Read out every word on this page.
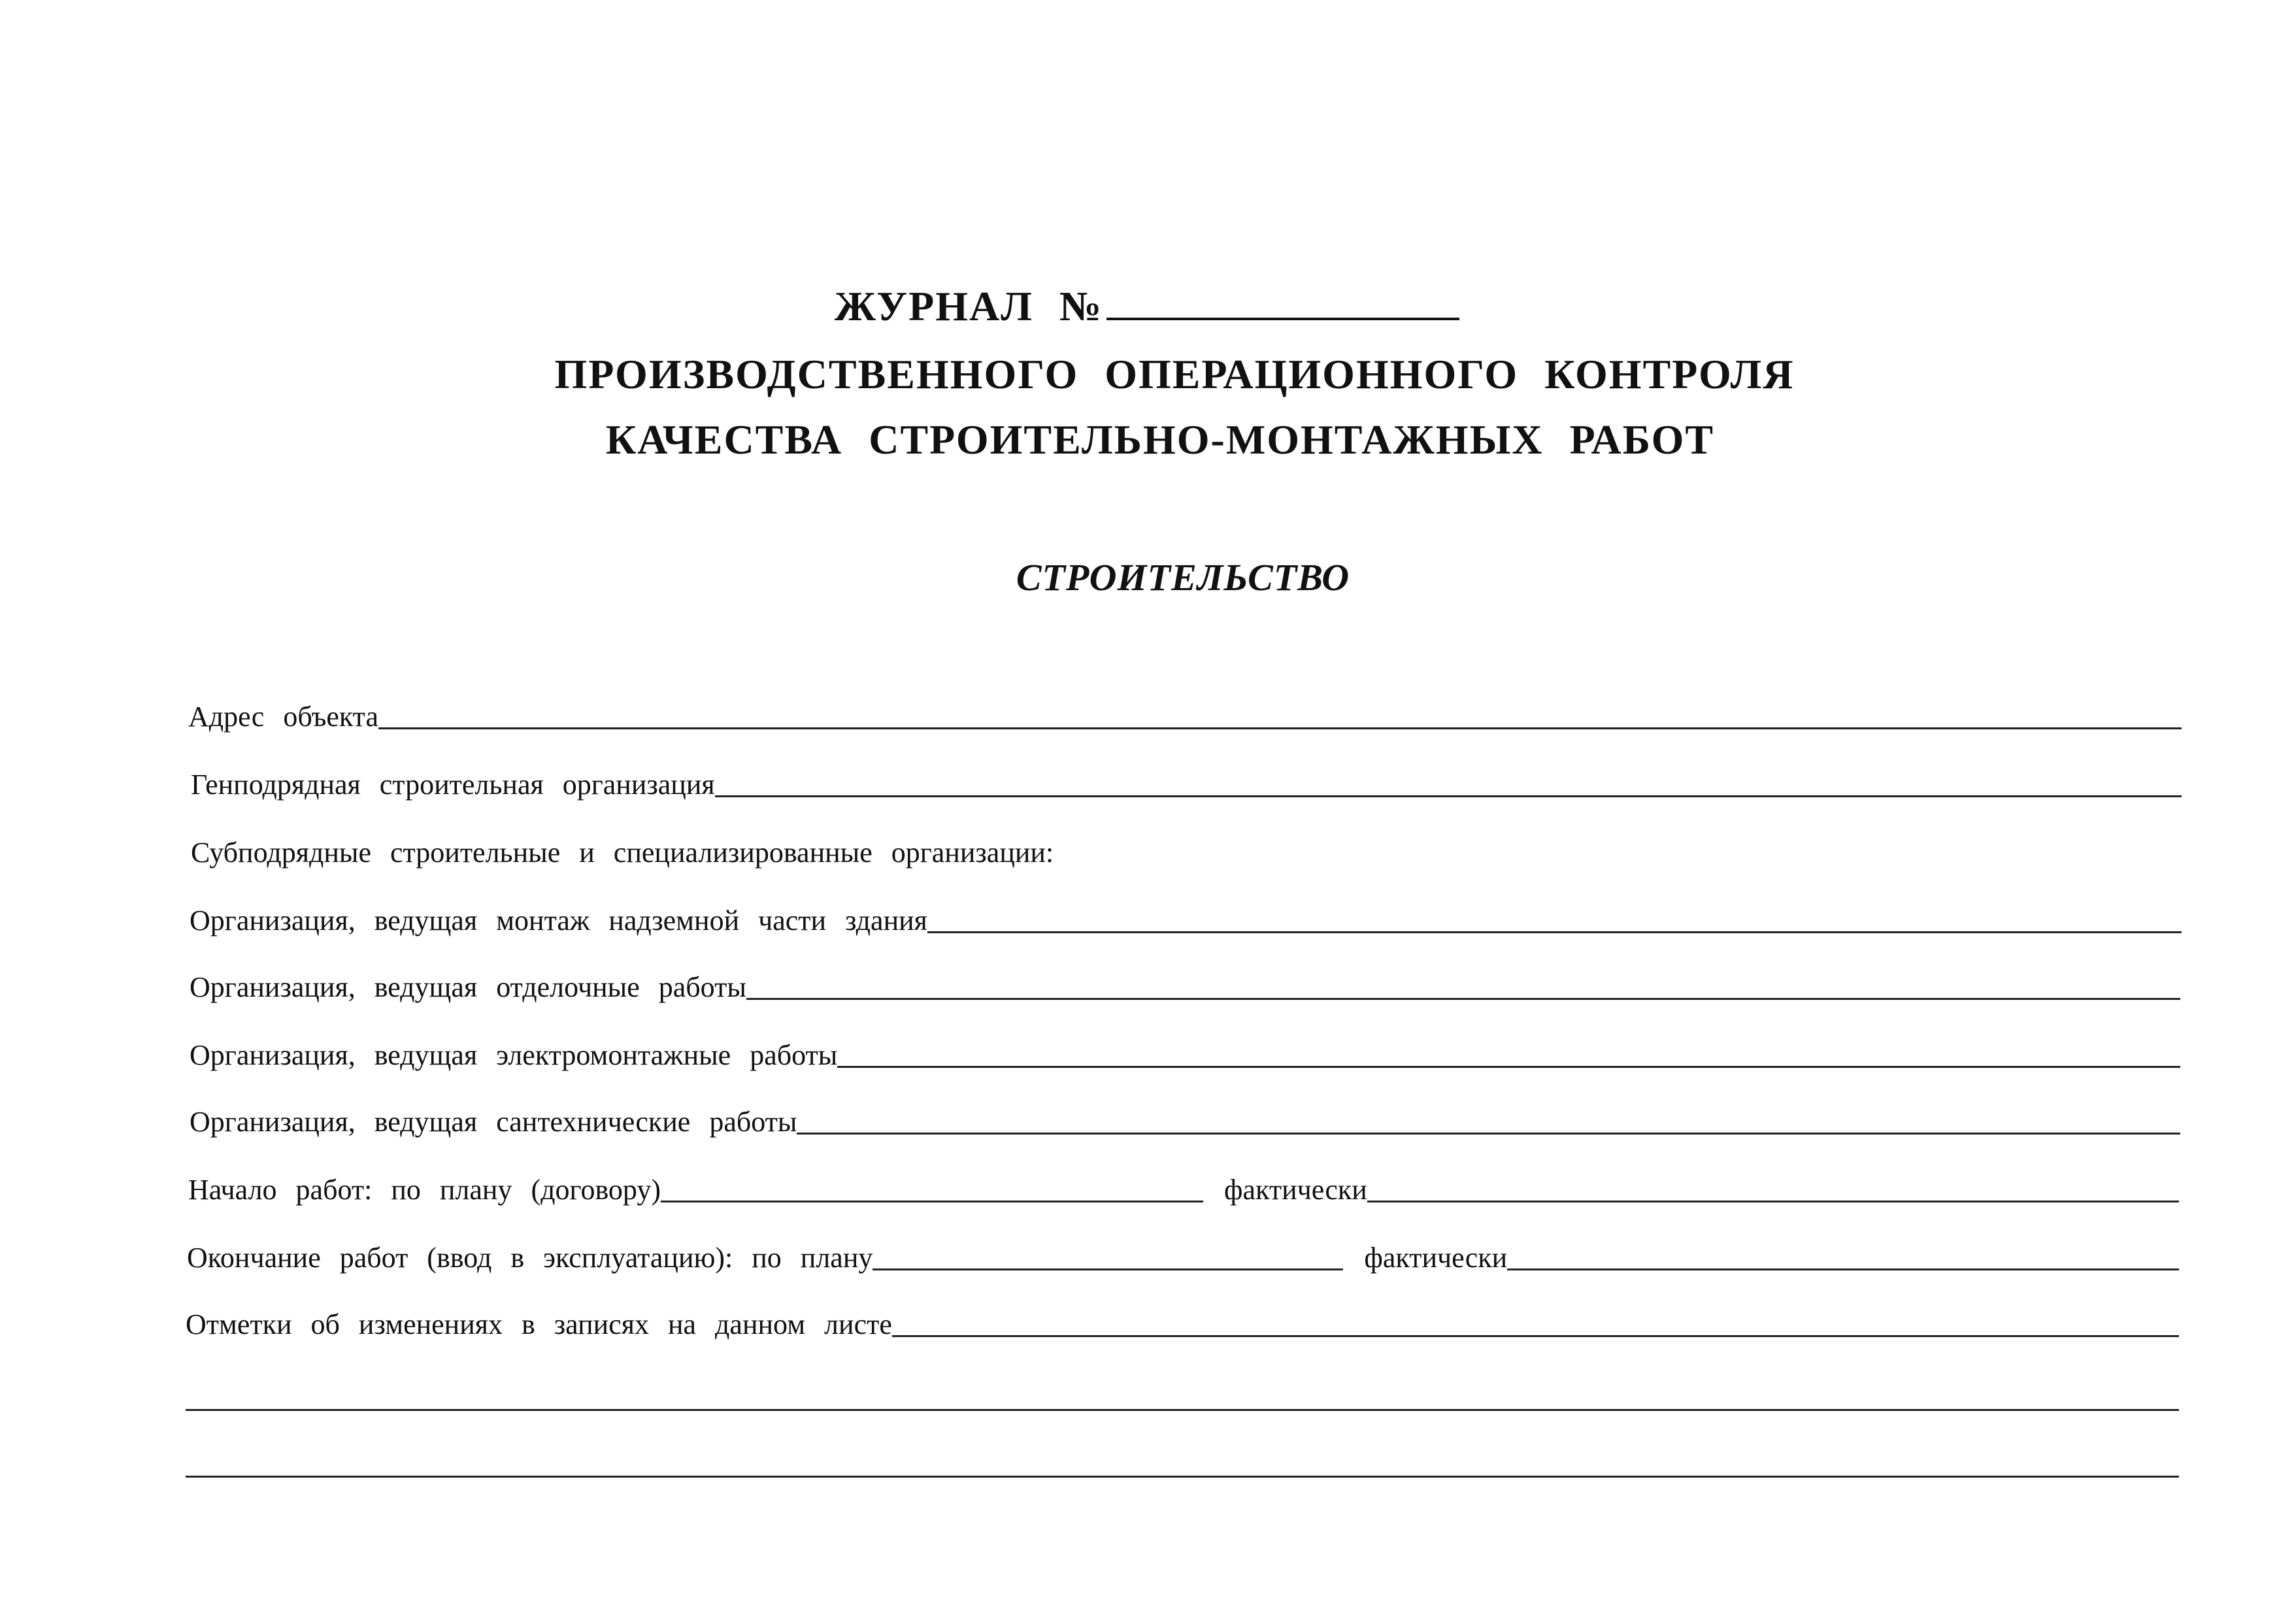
ЖУРНАЛ №
ПРОИЗВОДСТВЕННОГО ОПЕРАЦИОННОГО КОНТРОЛЯ
КАЧЕСТВА СТРОИТЕЛЬНО-МОНТАЖНЫХ РАБОТ
СТРОИТЕЛЬСТВО
Адрес объекта
Генподрядная строительная организация
Субподрядные строительные и специализированные организации:
Организация, ведущая монтаж надземной части здания
Организация, ведущая отделочные работы
Организация, ведущая электромонтажные работы
Организация, ведущая сантехнические работы
Начало работ: по плану (договору)	фактически
Окончание работ (ввод в эксплуатацию): по плану	фактически
Отметки об изменениях в записях на данном листе
